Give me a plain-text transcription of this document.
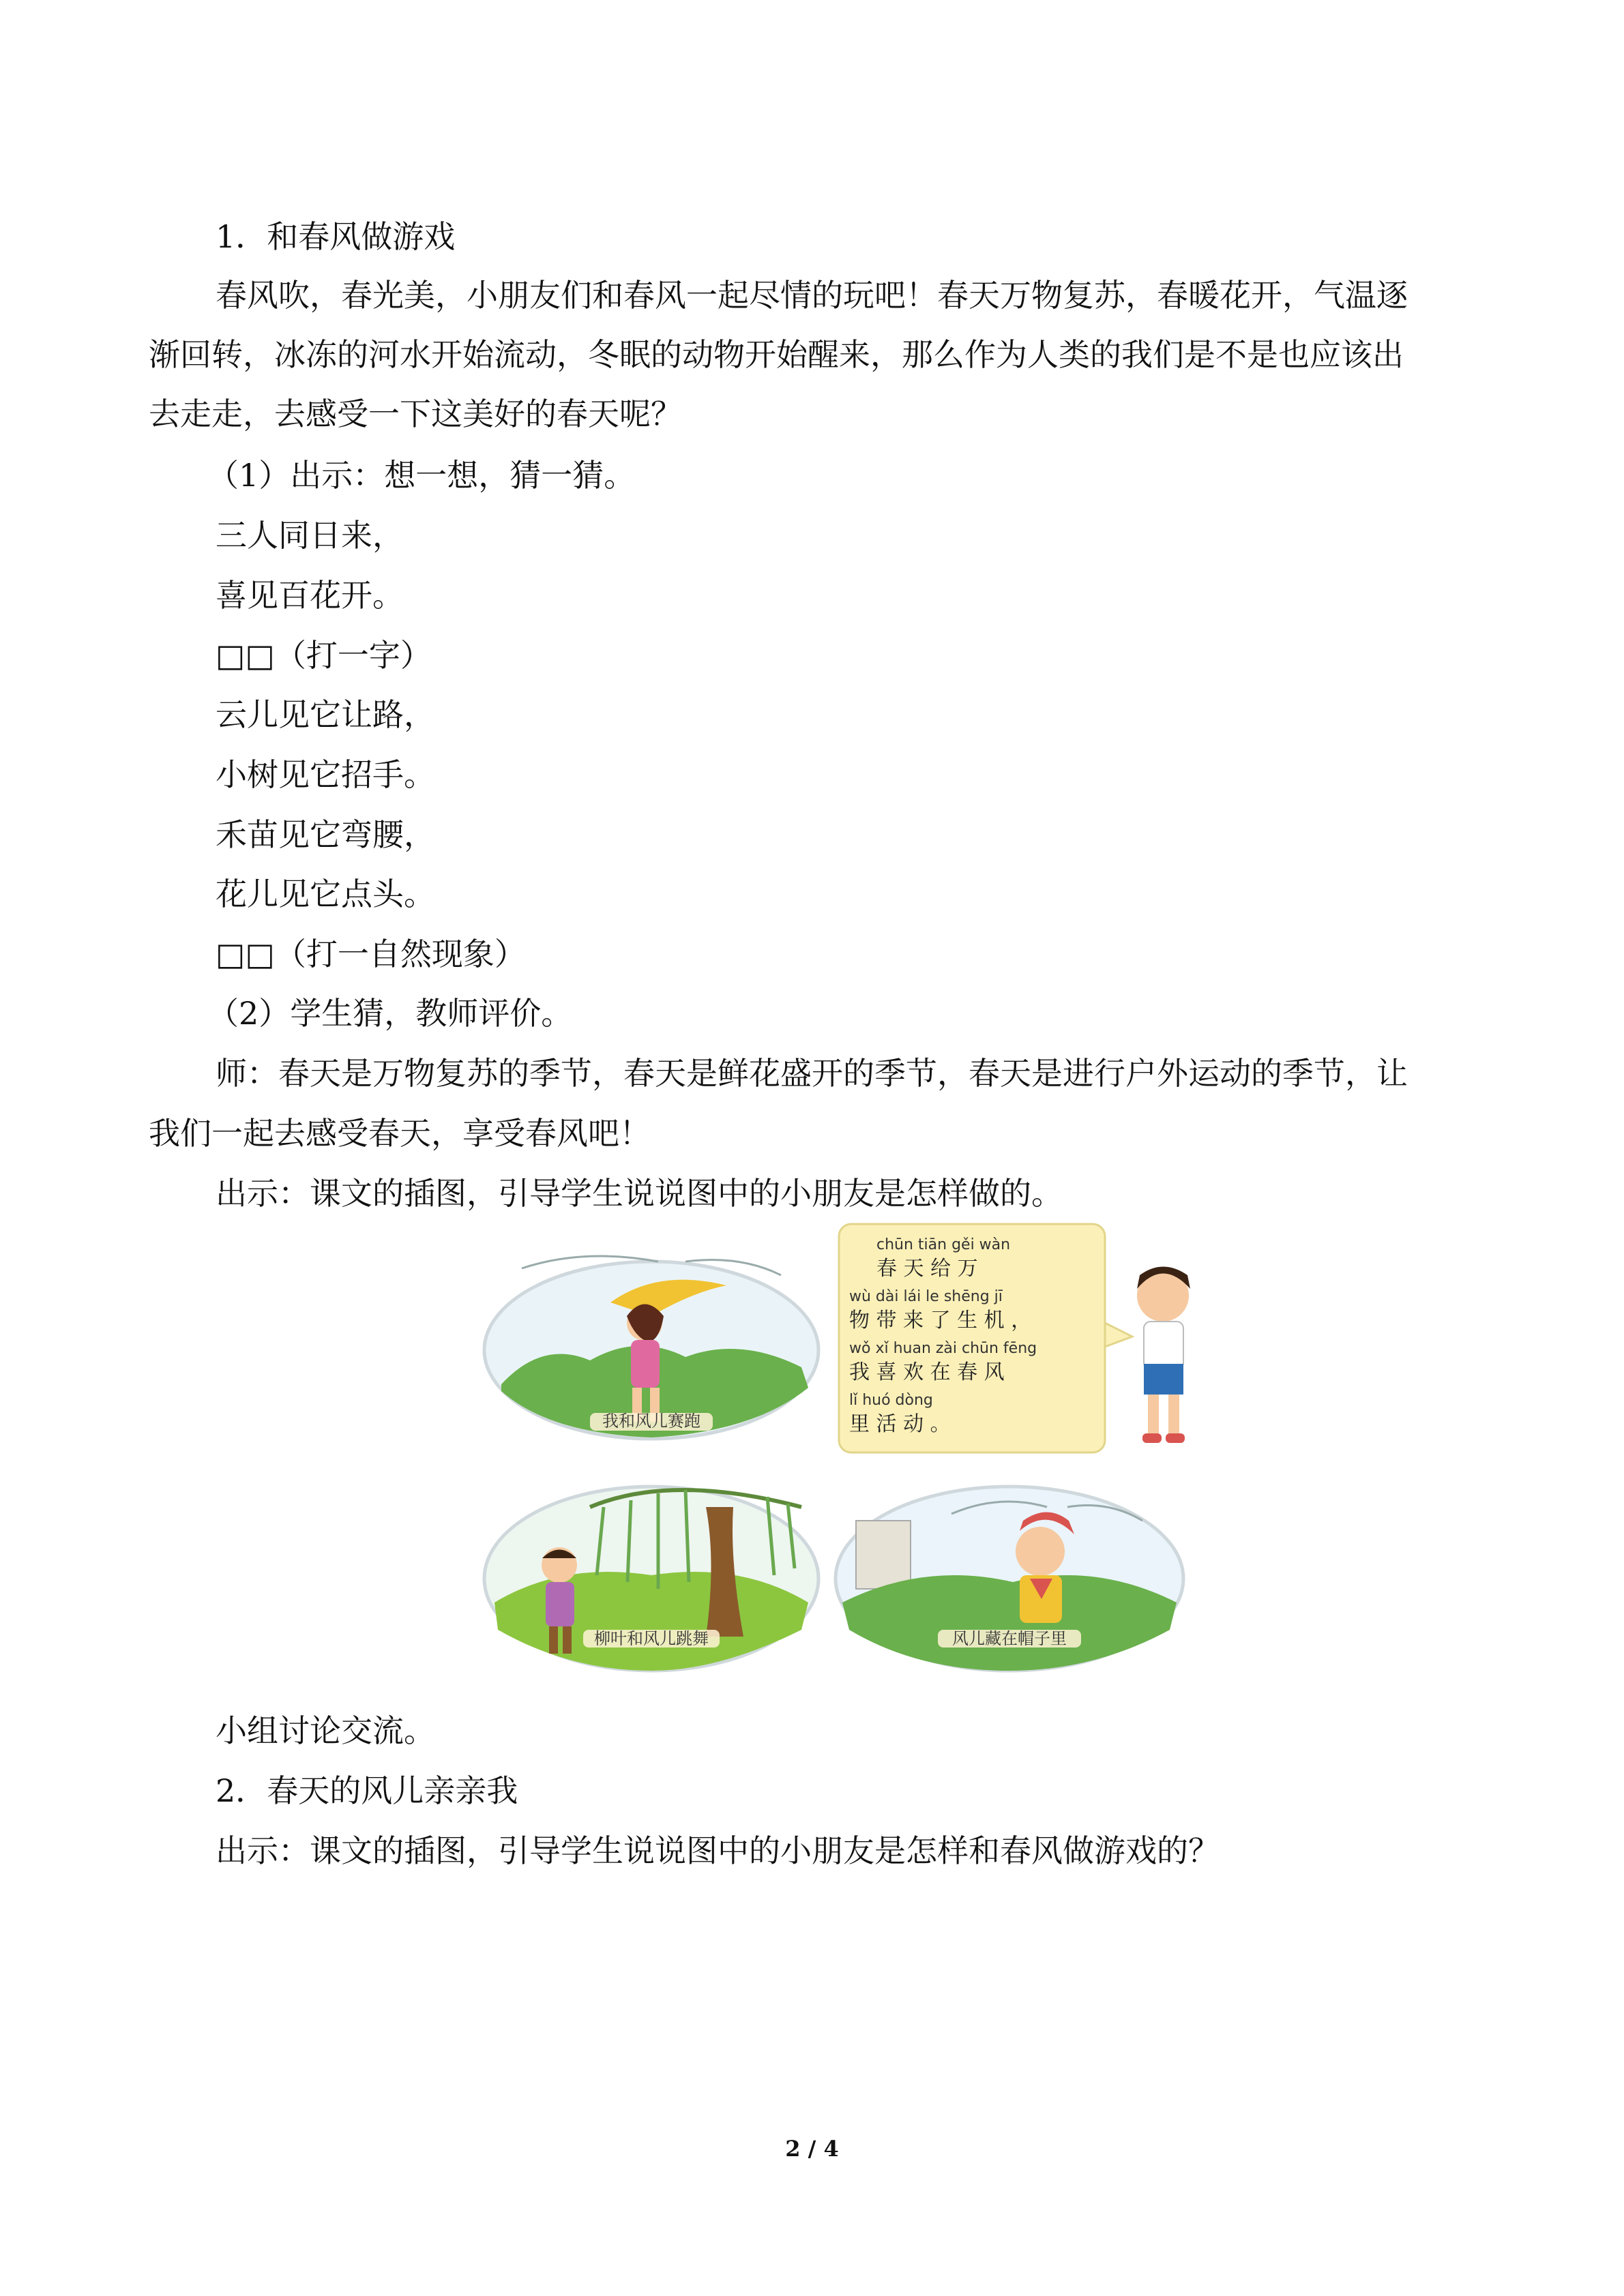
1．和春风做游戏
春风吹，春光美，小朋友们和春风一起尽情的玩吧！春天万物复苏，春暖花开，气温逐
渐回转，冰冻的河水开始流动，冬眠的动物开始醒来，那么作为人类的我们是不是也应该出
去走走，去感受一下这美好的春天呢？
（1）出示：想一想，猜一猜。
三人同日来，
喜见百花开。
□□（打一字）
云儿见它让路，
小树见它招手。
禾苗见它弯腰，
花儿见它点头。
□□（打一自然现象）
（2）学生猜，教师评价。
师：春天是万物复苏的季节，春天是鲜花盛开的季节，春天是进行户外运动的季节，让
我们一起去感受春天，享受春风吧！
出示：课文的插图，引导学生说说图中的小朋友是怎样做的。
我和风儿赛跑
chūn tiān gěi wàn
春 天 给 万
wù dài lái le shēng jī
物 带 来 了 生 机 ，
wǒ xǐ huan zài chūn fēng
我 喜 欢 在 春 风
lǐ huó dòng
里 活 动 。
柳叶和风儿跳舞	风儿藏在帽子里
小组讨论交流。
2．春天的风儿亲亲我
出示：课文的插图，引导学生说说图中的小朋友是怎样和春风做游戏的？
2 / 4
